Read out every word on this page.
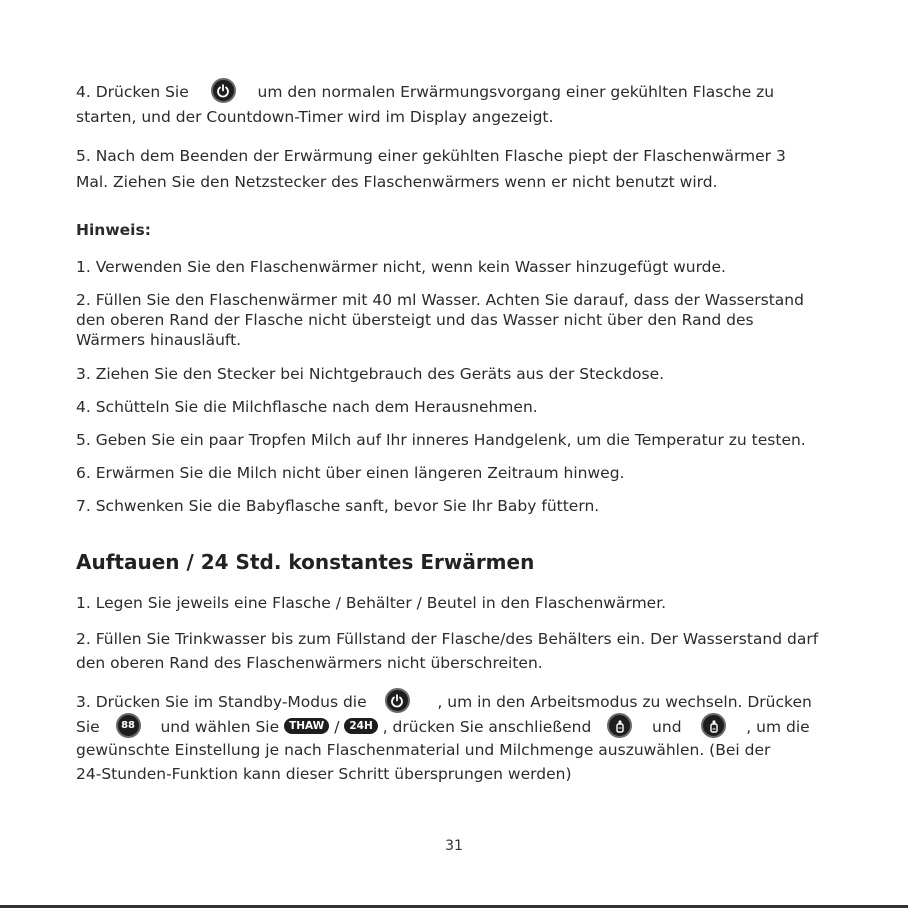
4. Drücken Sie	um den normalen Erwärmungsvorgang einer gekühlten Flasche zu

starten, und der Countdown-Timer wird im Display angezeigt.

5. Nach dem Beenden der Erwärmung einer gekühlten Flasche piept der Flaschenwärmer 3

Mal. Ziehen Sie den Netzstecker des Flaschenwärmers wenn er nicht benutzt wird.

Hinweis:

1. Verwenden Sie den Flaschenwärmer nicht, wenn kein Wasser hinzugefügt wurde.

2. Füllen Sie den Flaschenwärmer mit 40 ml Wasser. Achten Sie darauf, dass der Wasserstand

den oberen Rand der Flasche nicht übersteigt und das Wasser nicht über den Rand des

Wärmers hinausläuft.

3. Ziehen Sie den Stecker bei Nichtgebrauch des Geräts aus der Steckdose.

4. Schütteln Sie die Milchflasche nach dem Herausnehmen.

5. Geben Sie ein paar Tropfen Milch auf Ihr inneres Handgelenk, um die Temperatur zu testen.

6. Erwärmen Sie die Milch nicht über einen längeren Zeitraum hinweg.

7. Schwenken Sie die Babyflasche sanft, bevor Sie Ihr Baby füttern.

Auftauen / 24 Std. konstantes Erwärmen

1. Legen Sie jeweils eine Flasche / Behälter / Beutel in den Flaschenwärmer.

2. Füllen Sie Trinkwasser bis zum Füllstand der Flasche/des Behälters ein. Der Wasserstand darf

den oberen Rand des Flaschenwärmers nicht überschreiten.

3. Drücken Sie im Standby-Modus die	, um in den Arbeitsmodus zu wechseln. Drücken

Sie 88 und wählen Sie THAW / 24H , drücken Sie anschließend	und	, um die

gewünschte Einstellung je nach Flaschenmaterial und Milchmenge auszuwählen. (Bei der

24-Stunden-Funktion kann dieser Schritt übersprungen werden)

31
